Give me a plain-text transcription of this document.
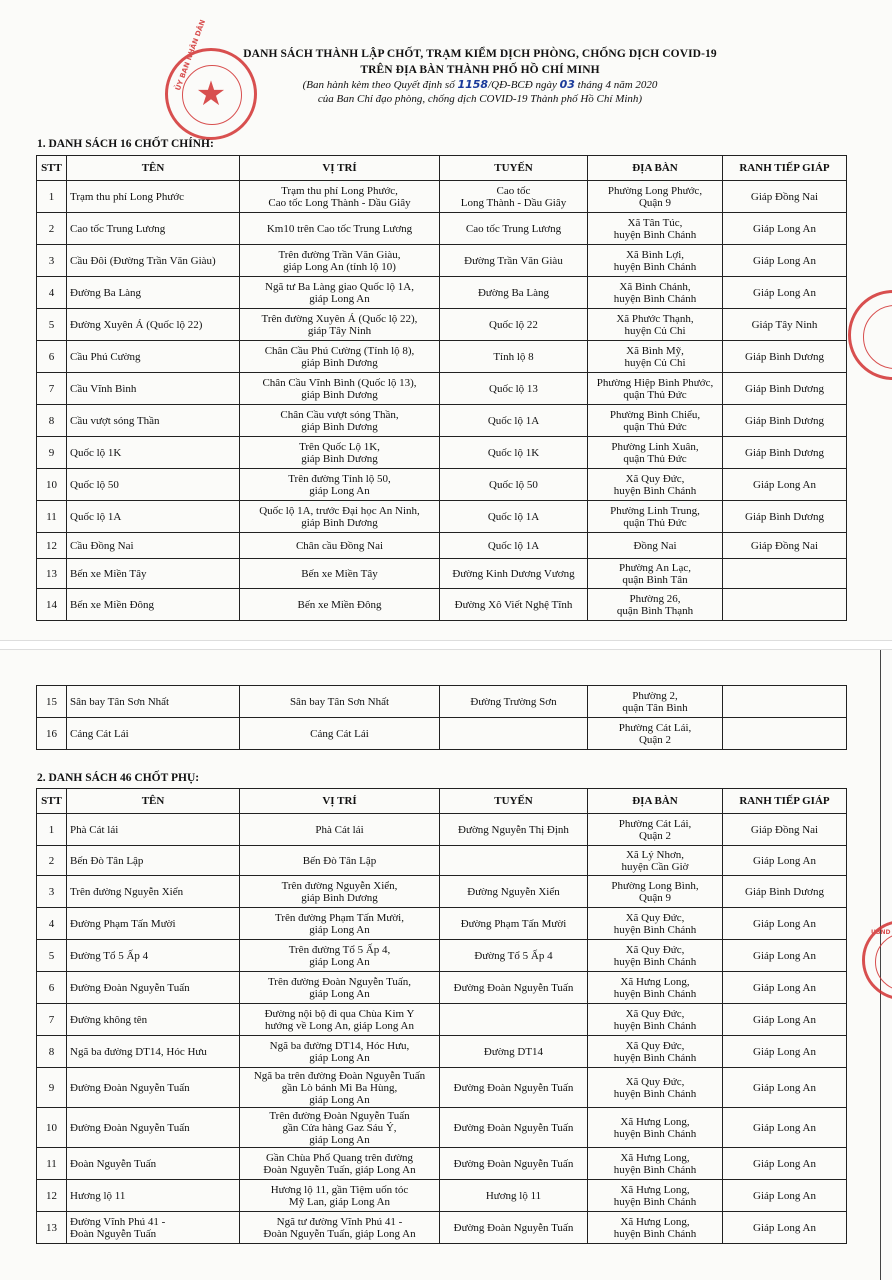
★
ỦY BAN NHÂN DÂN	DANH SÁCH THÀNH LẬP CHỐT, TRẠM KIỂM DỊCH PHÒNG, CHỐNG DỊCH COVID-19
TRÊN ĐỊA BÀN THÀNH PHỐ HỒ CHÍ MINH
(Ban hành kèm theo Quyết định số 1158/QĐ-BCĐ ngày 03 tháng 4 năm 2020
của Ban Chỉ đạo phòng, chống dịch COVID-19 Thành phố Hồ Chí Minh)
1. DANH SÁCH 16 CHỐT CHÍNH:
STT	TÊN	VỊ TRÍ	TUYẾN	ĐỊA BÀN	RANH TIẾP GIÁP
1	Trạm thu phí Long Phước	Trạm thu phí Long Phước,
Cao tốc Long Thành - Dầu Giây	Cao tốc
Long Thành - Dầu Giây	Phường Long Phước,
Quận 9	Giáp Đồng Nai
2	Cao tốc Trung Lương	Km10 trên Cao tốc Trung Lương	Cao tốc Trung Lương	Xã Tân Túc,
huyện Bình Chánh	Giáp Long An
3	Cầu Đôi (Đường Trần Văn Giàu)	Trên đường Trần Văn Giàu,
giáp Long An (tỉnh lộ 10)	Đường Trần Văn Giàu	Xã Bình Lợi,
huyện Bình Chánh	Giáp Long An
4	Đường Ba Làng	Ngã tư Ba Làng giao Quốc lộ 1A,
giáp Long An	Đường Ba Làng	Xã Bình Chánh,
huyện Bình Chánh	Giáp Long An
5	Đường Xuyên Á (Quốc lộ 22)	Trên đường Xuyên Á (Quốc lộ 22),
giáp Tây Ninh	Quốc lộ 22	Xã Phước Thạnh,
huyện Củ Chi	Giáp Tây Ninh
6	Cầu Phú Cường	Chân Cầu Phú Cường (Tỉnh lộ 8),
giáp Bình Dương	Tỉnh lộ 8	Xã Bình Mỹ,
huyện Củ Chi	Giáp Bình Dương
7	Cầu Vĩnh Bình	Chân Cầu Vĩnh Bình (Quốc lộ 13),
giáp Bình Dương	Quốc lộ 13	Phường Hiệp Bình Phước,
quận Thủ Đức	Giáp Bình Dương
8	Cầu vượt sóng Thần	Chân Cầu vượt sóng Thần,
giáp Bình Dương	Quốc lộ 1A	Phường Bình Chiểu,
quận Thủ Đức	Giáp Bình Dương
9	Quốc lộ 1K	Trên Quốc Lộ 1K,
giáp Bình Dương	Quốc lộ 1K	Phường Linh Xuân,
quận Thủ Đức	Giáp Bình Dương
10	Quốc lộ 50	Trên đường Tỉnh lộ 50,
giáp Long An	Quốc lộ 50	Xã Quy Đức,
huyện Bình Chánh	Giáp Long An
11	Quốc lộ 1A	Quốc lộ 1A, trước Đại học An Ninh,
giáp Bình Dương	Quốc lộ 1A	Phường Linh Trung,
quận Thủ Đức	Giáp Bình Dương
12	Cầu Đồng Nai	Chân cầu Đồng Nai	Quốc lộ 1A	Đồng Nai	Giáp Đồng Nai
13	Bến xe Miền Tây	Bến xe Miền Tây	Đường Kinh Dương Vương	Phường An Lạc,
quận Bình Tân	
14	Bến xe Miền Đông	Bến xe Miền Đông	Đường Xô Viết Nghệ Tĩnh	Phường 26,
quận Bình Thạnh	
15	Sân bay Tân Sơn Nhất	Sân bay Tân Sơn Nhất	Đường Trường Sơn	Phường 2,
quận Tân Bình	
16	Cảng Cát Lái	Cảng Cát Lái		Phường Cát Lái,
Quận 2	
2. DANH SÁCH 46 CHỐT PHỤ:
STT	TÊN	VỊ TRÍ	TUYẾN	ĐỊA BÀN	RANH TIẾP GIÁP
1	Phà Cát lái	Phà Cát lái	Đường Nguyễn Thị Định	Phường Cát Lái,
Quận 2	Giáp Đồng Nai
2	Bến Đò Tân Lập	Bến Đò Tân Lập		Xã Lý Nhơn,
huyện Cần Giờ	Giáp Long An
3	Trên đường Nguyễn Xiển	Trên đường Nguyễn Xiển,
giáp Bình Dương	Đường Nguyễn Xiển	Phường Long Bình,
Quận 9	Giáp Bình Dương
4	Đường Phạm Tấn Mười	Trên đường Phạm Tấn Mười,
giáp Long An	Đường Phạm Tấn Mười	Xã Quy Đức,
huyện Bình Chánh	Giáp Long An
5	Đường Tổ 5 Ấp 4	Trên đường Tổ 5 Ấp 4,
giáp Long An	Đường Tổ 5 Ấp 4	Xã Quy Đức,
huyện Bình Chánh	Giáp Long An
6	Đường Đoàn Nguyễn Tuấn	Trên đường Đoàn Nguyễn Tuấn,
giáp Long An	Đường Đoàn Nguyễn Tuấn	Xã Hưng Long,
huyện Bình Chánh	Giáp Long An
7	Đường không tên	Đường nội bộ đi qua Chùa Kim Y
hướng về Long An, giáp Long An		Xã Quy Đức,
huyện Bình Chánh	Giáp Long An
8	Ngã ba đường DT14, Hóc Hưu	Ngã ba đường DT14, Hóc Hưu,
giáp Long An	Đường DT14	Xã Quy Đức,
huyện Bình Chánh	Giáp Long An
9	Đường Đoàn Nguyễn Tuấn	Ngã ba trên đường Đoàn Nguyễn Tuấn
gần Lò bánh Mì Ba Hùng,
giáp Long An	Đường Đoàn Nguyễn Tuấn	Xã Quy Đức,
huyện Bình Chánh	Giáp Long An
10	Đường Đoàn Nguyễn Tuấn	Trên đường Đoàn Nguyễn Tuấn
gần Cửa hàng Gaz Sáu Ý,
giáp Long An	Đường Đoàn Nguyễn Tuấn	Xã Hưng Long,
huyện Bình Chánh	Giáp Long An
11	Đoàn Nguyễn Tuấn	Gần Chùa Phổ Quang trên đường
Đoàn Nguyễn Tuấn, giáp Long An	Đường Đoàn Nguyễn Tuấn	Xã Hưng Long,
huyện Bình Chánh	Giáp Long An
12	Hương lộ 11	Hương lộ 11, gần Tiệm uốn tóc
Mỹ Lan, giáp Long An	Hương lộ 11	Xã Hưng Long,
huyện Bình Chánh	Giáp Long An
13	Đường Vĩnh Phú 41 -
Đoàn Nguyễn Tuấn	Ngã tư đường Vĩnh Phú 41 -
Đoàn Nguyễn Tuấn, giáp Long An	Đường Đoàn Nguyễn Tuấn	Xã Hưng Long,
huyện Bình Chánh	Giáp Long An
UBND
